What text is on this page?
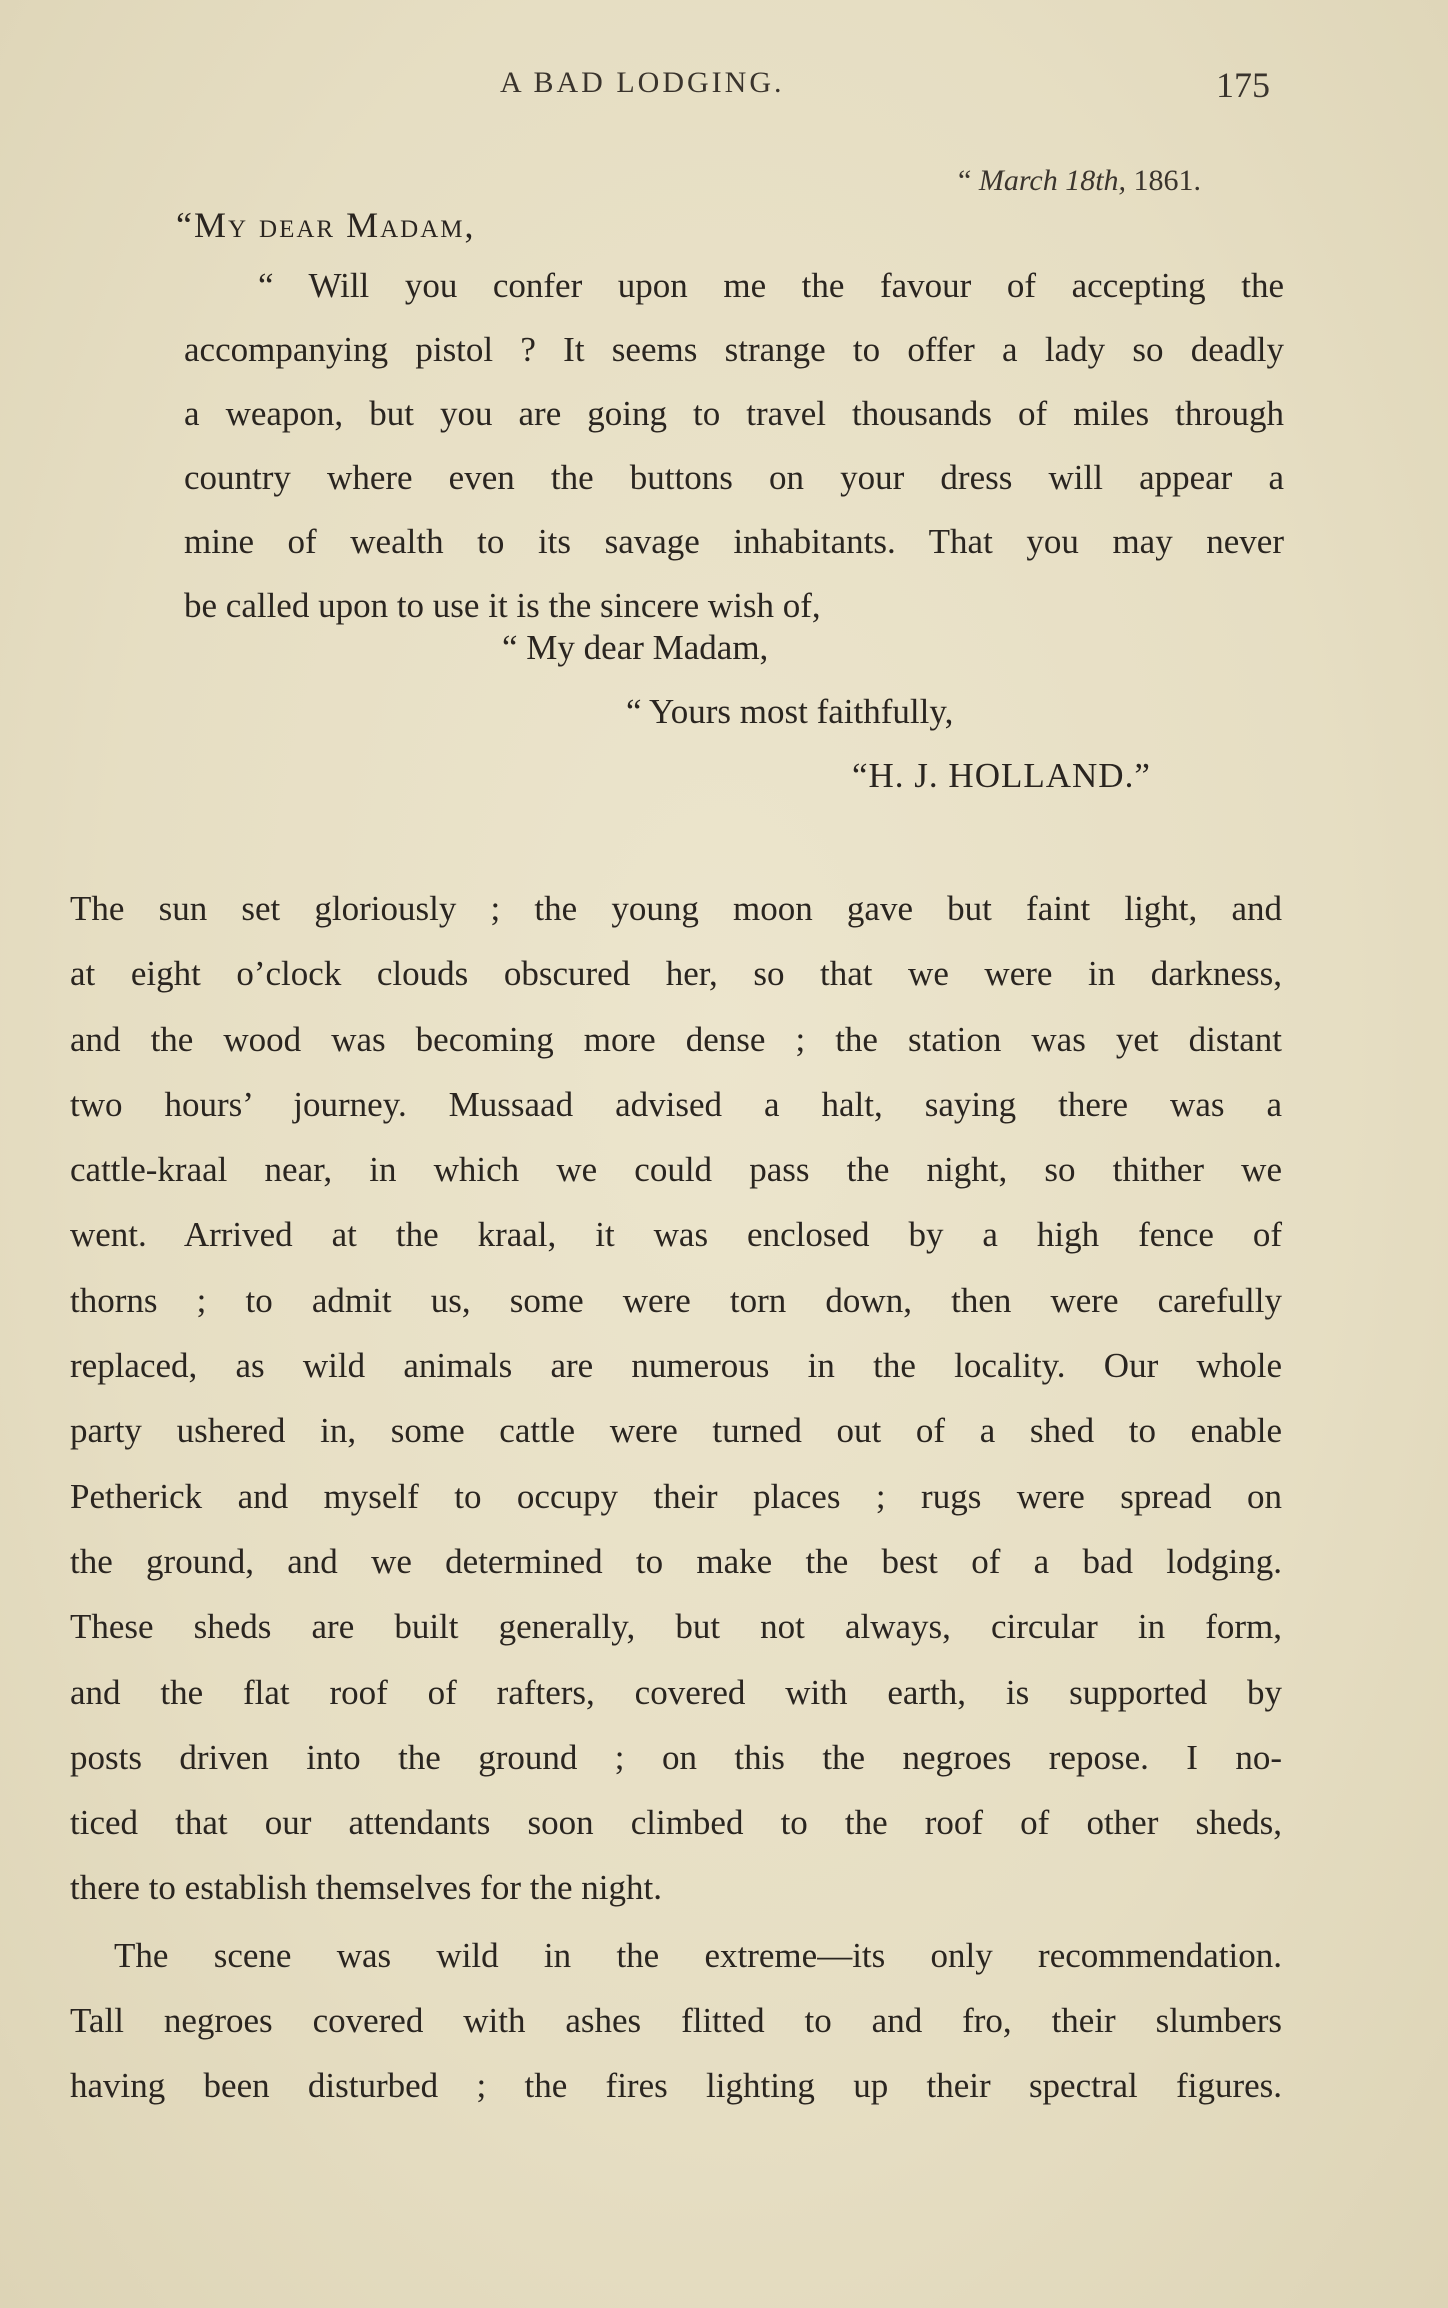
A BAD LODGING.	175
“ March 18th, 1861.
“My dear Madam,
“ Will you confer upon me the favour of accepting the
accompanying pistol ? It seems strange to offer a lady so deadly
a weapon, but you are going to travel thousands of miles through
country where even the buttons on your dress will appear a
mine of wealth to its savage inhabitants. That you may never
be called upon to use it is the sincere wish of,
“ My dear Madam,
“ Yours most faithfully,
“H. J. HOLLAND.”
The sun set gloriously ; the young moon gave but faint light, and
at eight o’clock clouds obscured her, so that we were in darkness,
and the wood was becoming more dense ; the station was yet distant
two hours’ journey. Mussaad advised a halt, saying there was a
cattle-kraal near, in which we could pass the night, so thither we
went. Arrived at the kraal, it was enclosed by a high fence of
thorns ; to admit us, some were torn down, then were carefully
replaced, as wild animals are numerous in the locality. Our whole
party ushered in, some cattle were turned out of a shed to enable
Petherick and myself to occupy their places ; rugs were spread on
the ground, and we determined to make the best of a bad lodging.
These sheds are built generally, but not always, circular in form,
and the flat roof of rafters, covered with earth, is supported by
posts driven into the ground ; on this the negroes repose. I no-
ticed that our attendants soon climbed to the roof of other sheds,
there to establish themselves for the night.
The scene was wild in the extreme—its only recommendation.
Tall negroes covered with ashes flitted to and fro, their slumbers
having been disturbed ; the fires lighting up their spectral figures.
